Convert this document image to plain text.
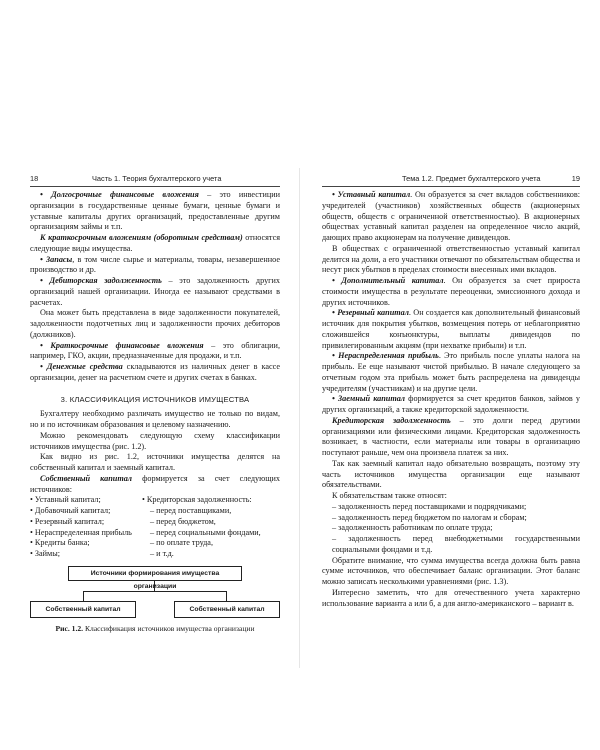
18	Часть 1. Теория бухгалтерского учета

• Долгосрочные финансовые вложения – это инвестиции организации в государственные ценные бумаги, ценные бумаги и уставные капиталы других организаций, предоставленные другим организациям займы и т.п.

К краткосрочным вложениям (оборотным средствам) относятся следующие виды имущества.

• Запасы, в том числе сырье и материалы, товары, незавершенное производство и др.

• Дебиторская задолженность – это задолженность других организаций нашей организации. Иногда ее называют средствами в расчетах.

Она может быть представлена в виде задолженности покупателей, задолженности подотчетных лиц и задолженности прочих дебиторов (должников).

• Краткосрочные финансовые вложения – это облигации, например, ГКО, акции, предназначенные для продажи, и т.п.

• Денежные средства складываются из наличных денег в кассе организации, денег на расчетном счете и других счетах в банках.

3. КЛАССИФИКАЦИЯ ИСТОЧНИКОВ ИМУЩЕСТВА

Бухгалтеру необходимо различать имущество не только по видам, но и по источникам образования и целевому назначению.

Можно рекомендовать следующую схему классификации источников имущества (рис. 1.2).

Как видно из рис. 1.2, источники имущества делятся на собственный капитал и заемный капитал.

Собственный капитал формируется за счет следующих источников:

• Уставный капитал;
• Добавочный капитал;
• Резервный капитал;
• Нераспределенная прибыль
• Кредиты банка;
• Займы;
• Кредиторская задолженность:
– перед поставщиками,
– перед бюджетом,
– перед социальными фондами,
– по оплате труда,
– и т.д.
Источники формирования имущества организации
Собственный капитал	Собственный капитал
Рис. 1.2. Классификация источников имущества организации
Тема 1.2. Предмет бухгалтерского учета	19

• Уставный капитал. Он образуется за счет вкладов собственников: учредителей (участников) хозяйственных обществ (акционерных обществ, обществ с ограниченной ответственностью). В акционерных обществах уставный капитал разделен на определенное число акций, дающих право акционерам на получение дивидендов.

В обществах с ограниченной ответственностью уставный капитал делится на доли, а его участники отвечают по обязательствам общества и несут риск убытков в пределах стоимости внесенных ими вкладов.

• Дополнительный капитал. Он образуется за счет прироста стоимости имущества в результате переоценки, эмиссионного дохода и других источников.

• Резервный капитал. Он создается как дополнительный финансовый источник для покрытия убытков, возмещения потерь от неблагоприятно сложившейся конъюнктуры, выплаты дивидендов по привилегированным акциям (при нехватке прибыли) и т.п.

• Нераспределенная прибыль. Это прибыль после уплаты налога на прибыль. Ее еще называют чистой прибылью. В начале следующего за отчетным годом эта прибыль может быть распределена на дивиденды учредителям (участникам) и на другие цели.

• Заемный капитал формируется за счет кредитов банков, займов у других организаций, а также кредиторской задолженности.

Кредиторская задолженность – это долги перед другими организациями или физическими лицами. Кредиторская задолженность возникает, в частности, если материалы или товары в организацию поступают раньше, чем она произвела платеж за них.

Так как заемный капитал надо обязательно возвращать, поэтому эту часть источников имущества организации еще называют обязательствами.

К обязательствам также относят:

– задолженность перед поставщиками и подрядчиками;

– задолженность перед бюджетом по налогам и сборам;

– задолженность работникам по оплате труда;

– задолженность перед внебюджетными государственными социальными фондами и т.д.

Обратите внимание, что сумма имущества всегда должна быть равна сумме источников, что обеспечивает баланс организации. Этот баланс можно записать несколькими уравнениями (рис. 1.3).

Интересно заметить, что для отечественного учета характерно использование варианта а или б, а для англо-американского – вариант в.
